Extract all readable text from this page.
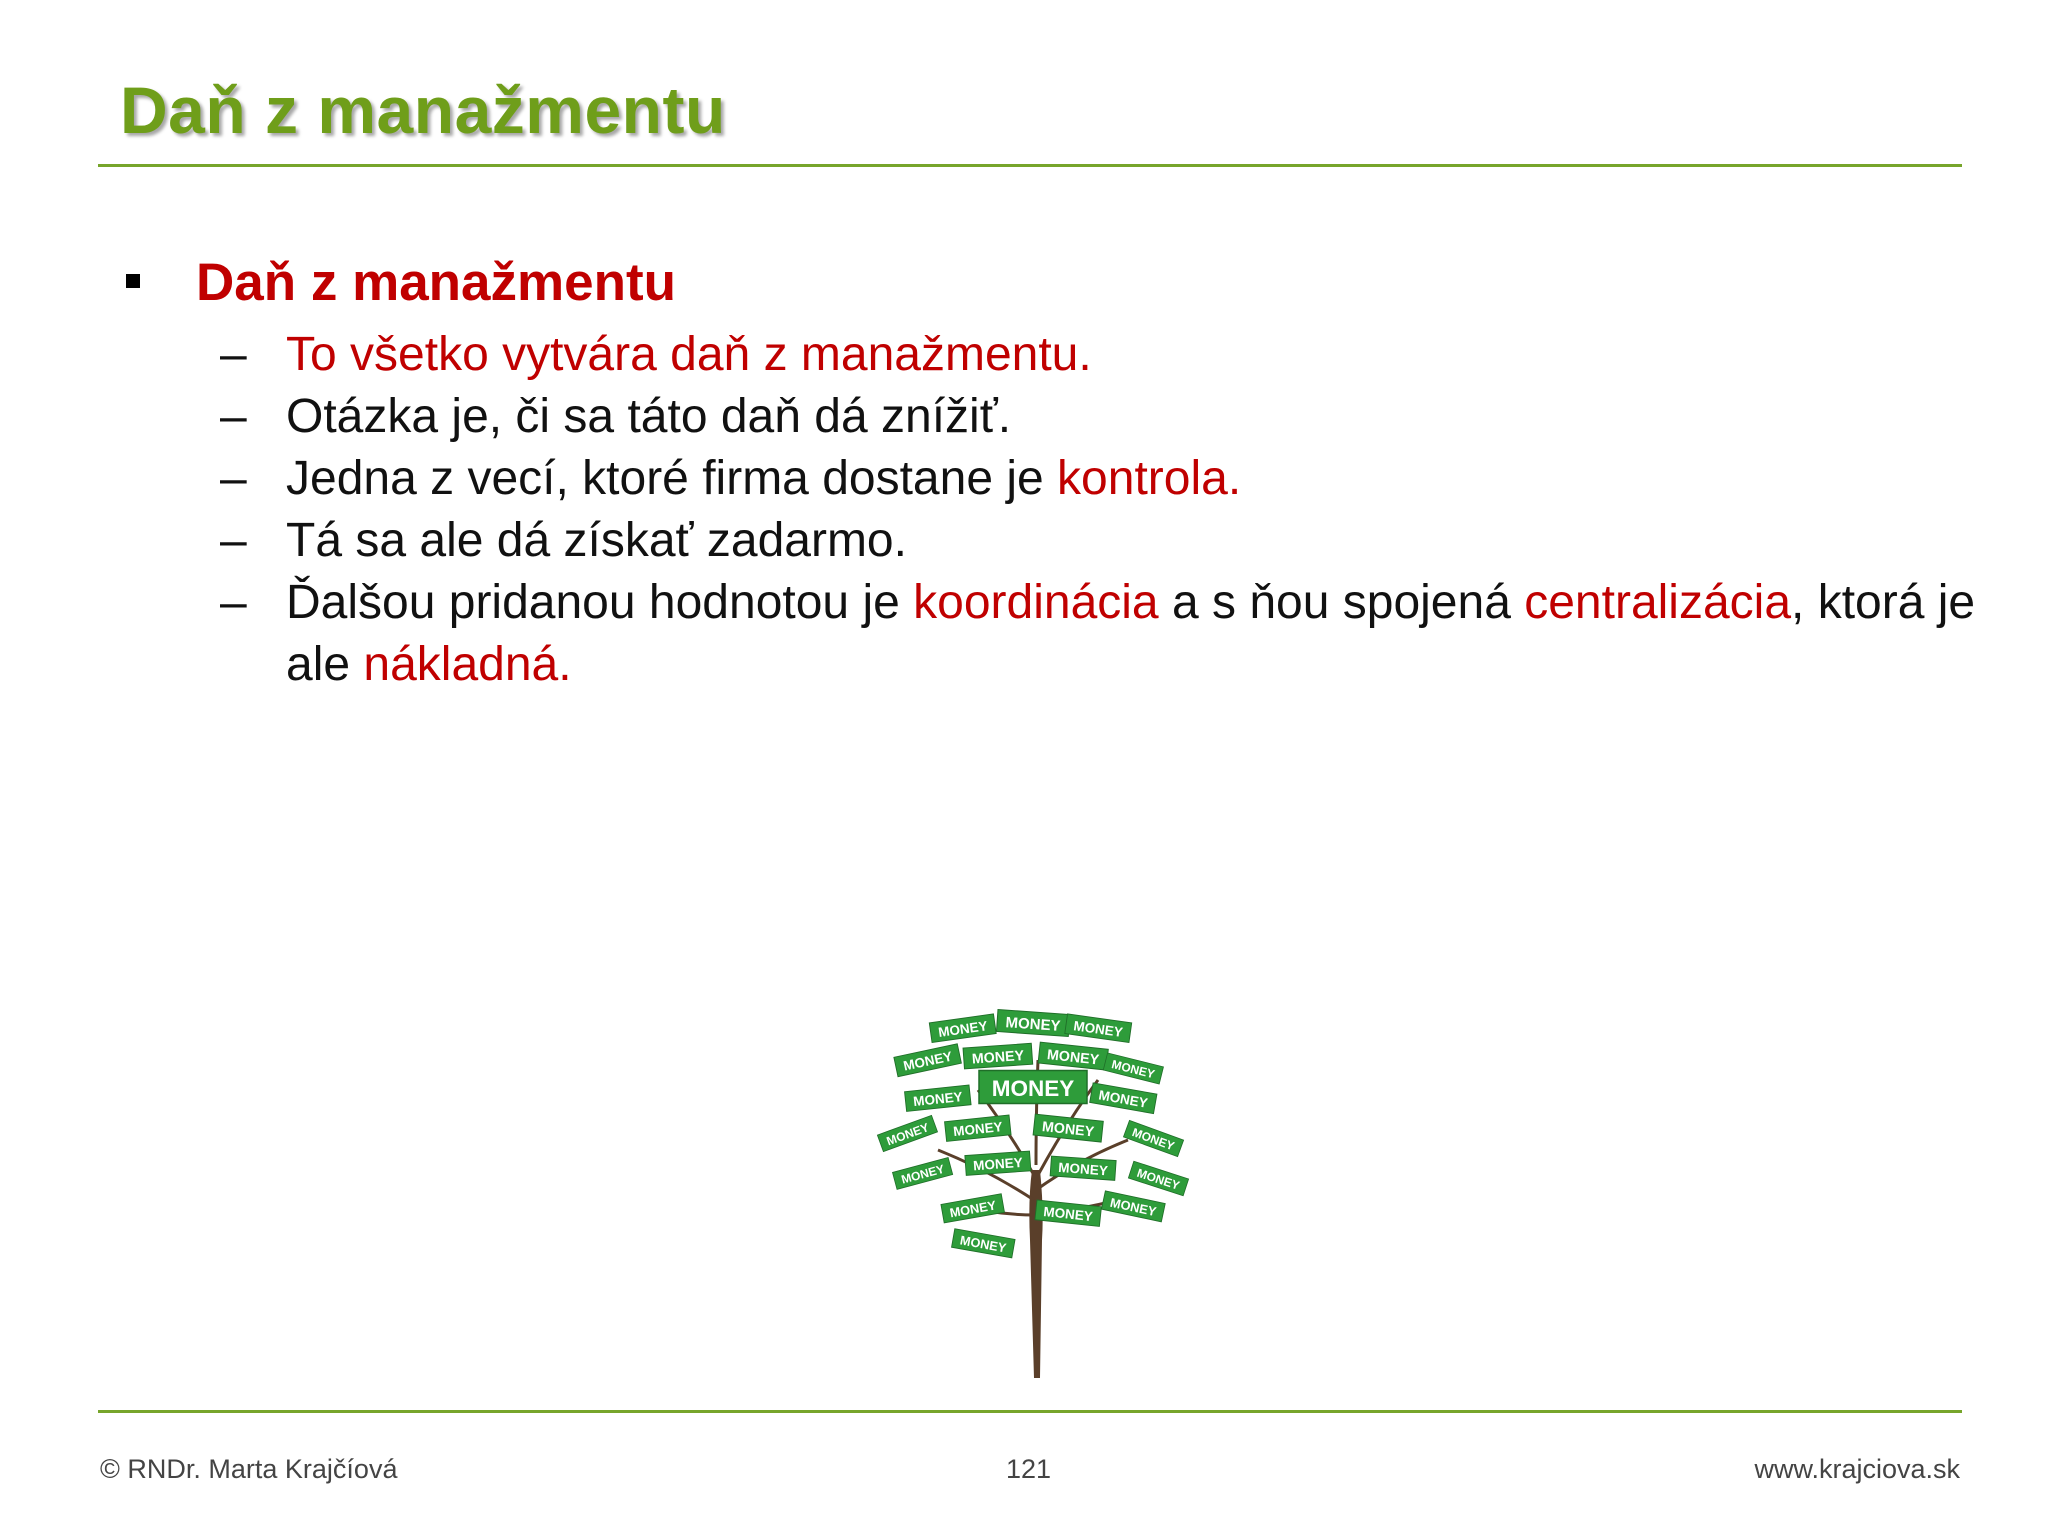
Daň z manažmentu
Daň z manažmentu
– To všetko vytvára daň z manažmentu.
– Otázka je, či sa táto daň dá znížiť.
– Jedna z vecí, ktoré firma dostane je kontrola.
– Tá sa ale dá získať zadarmo.
– Ďalšou pridanou hodnotou je koordinácia a s ňou spojená centralizácia, ktorá je ale nákladná.
MONEY MONEY MONEY
MONEY MONEY MONEY MONEY
MONEY MONEY MONEY
MONEY MONEY	MONEY MONEY
MONEY MONEY MONEY MONEY
MONEY	MONEY MONEY
MONEY
© RNDr. Marta Krajčíová	121	www.krajciova.sk
